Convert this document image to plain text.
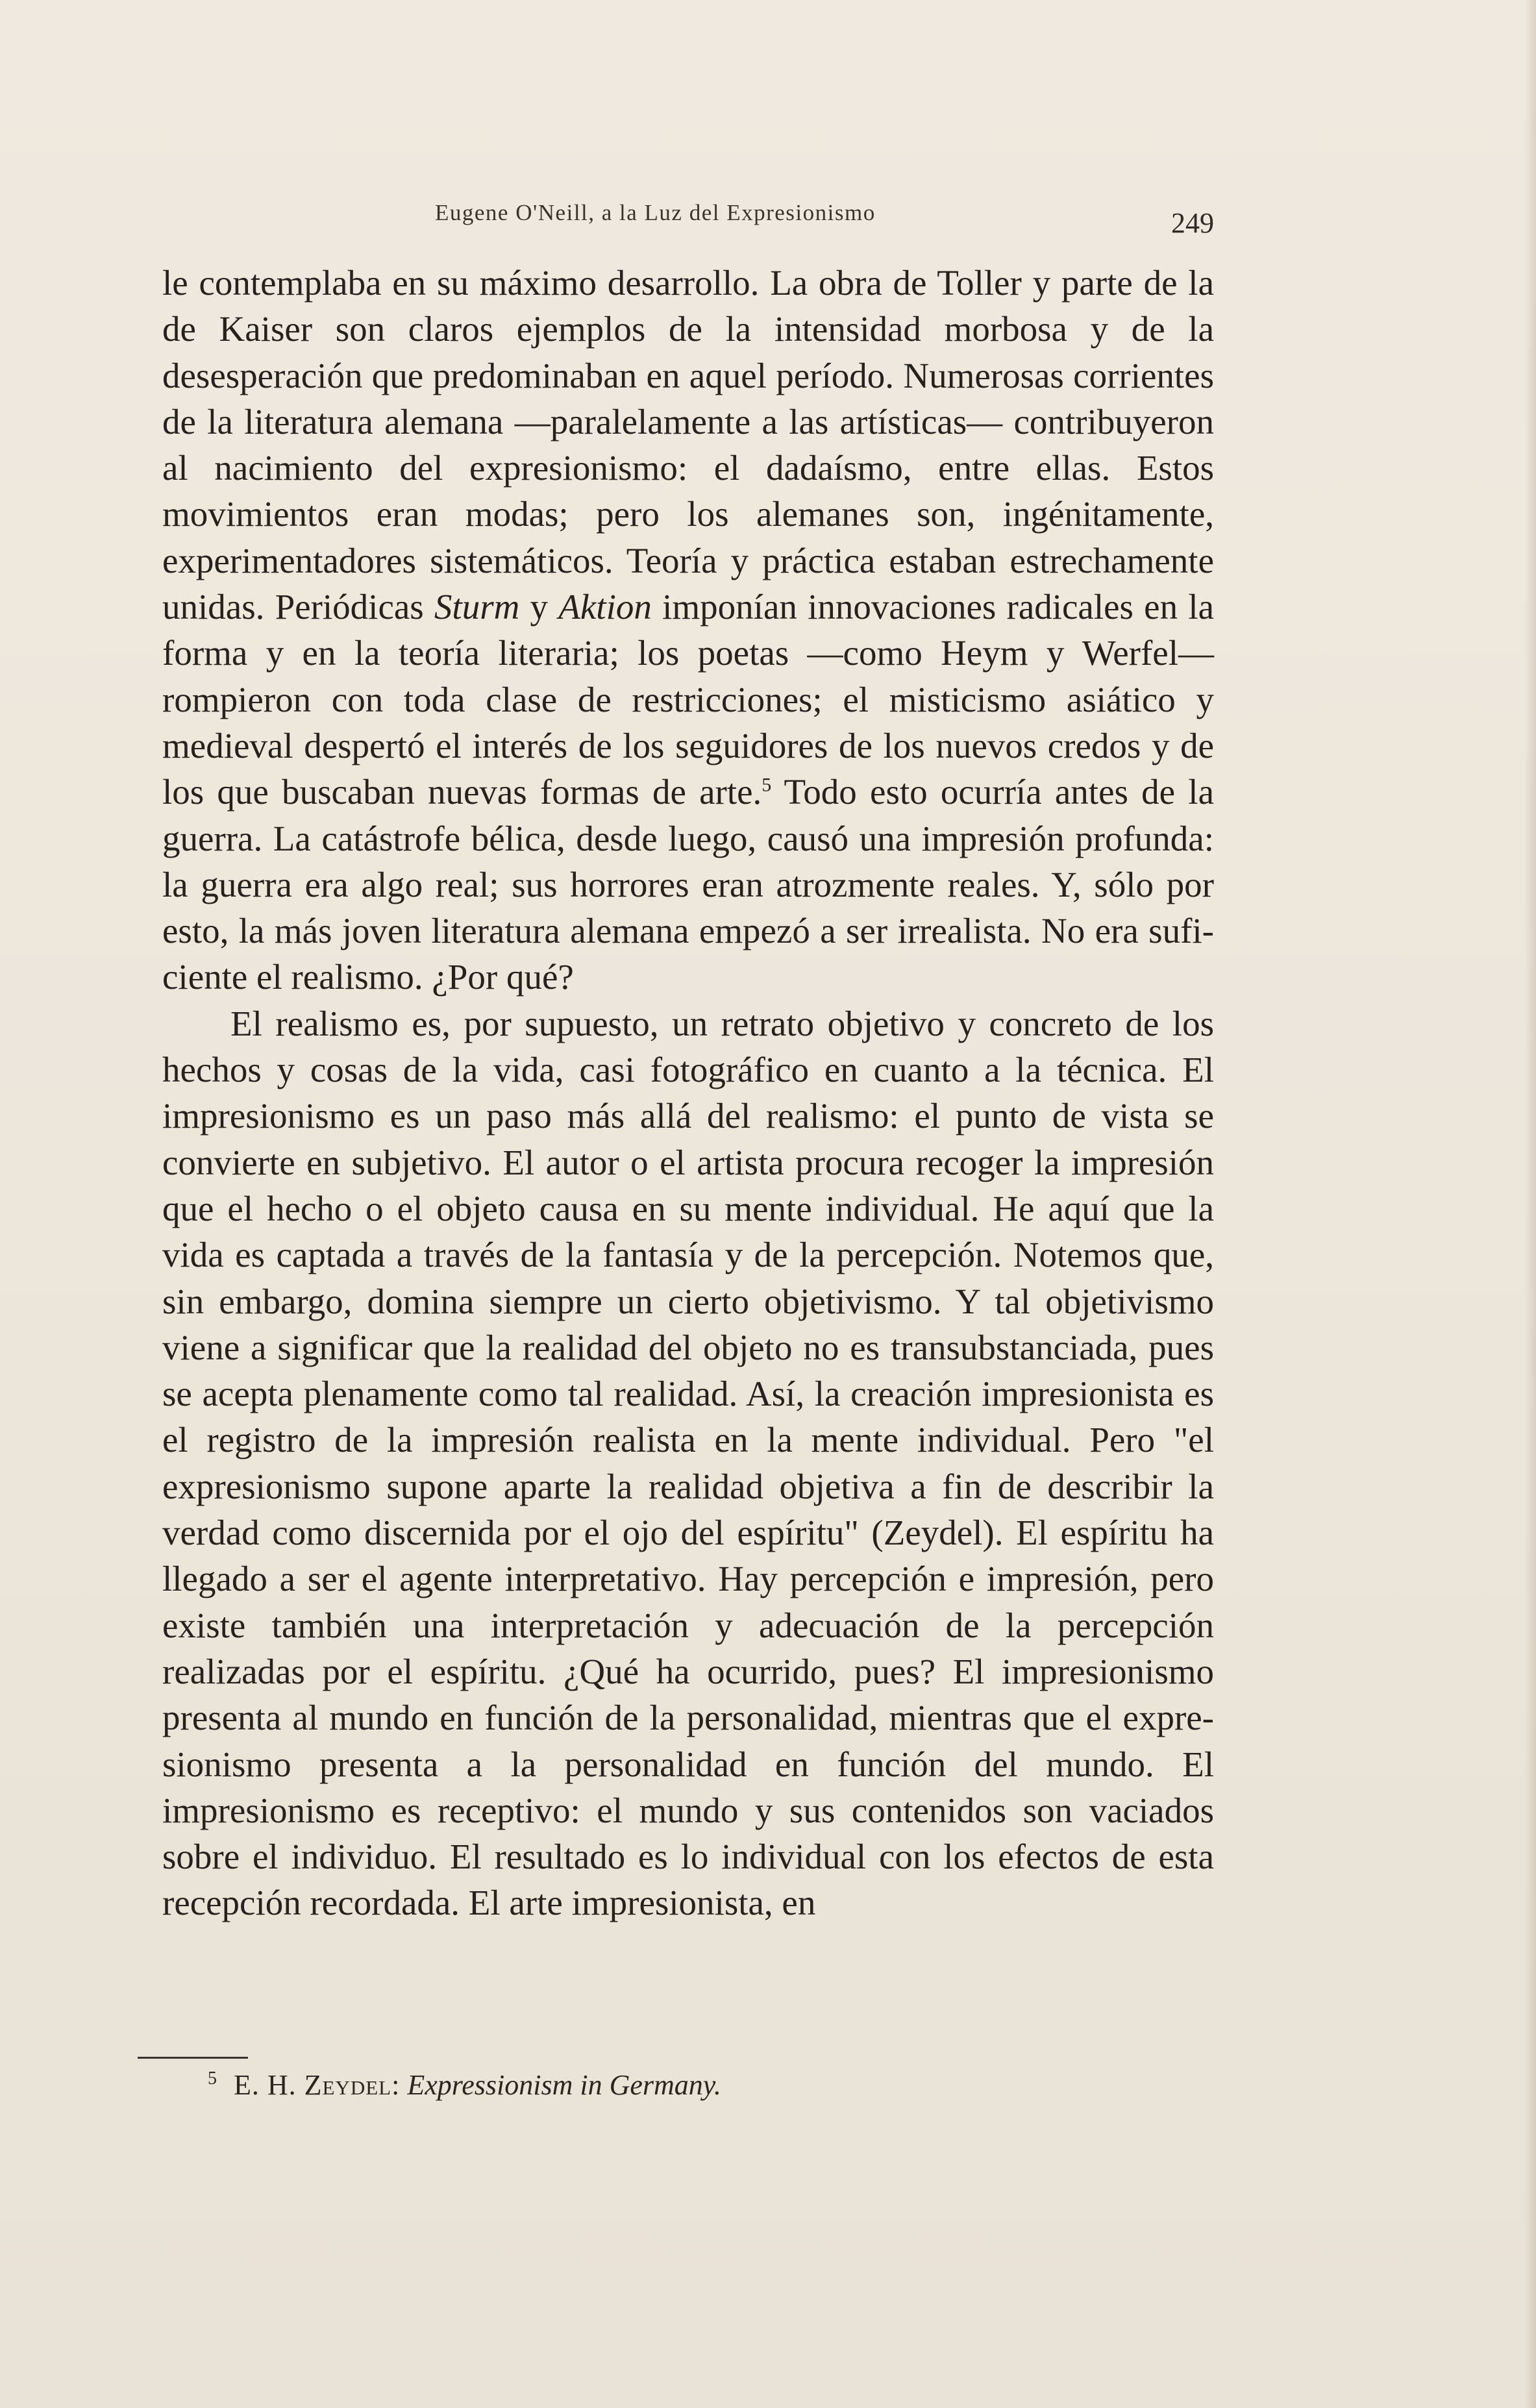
Eugene O'Neill, a la Luz del Expresionismo	249

le contemplaba en su máximo desarrollo. La obra de Toller y parte de la de Kaiser son claros ejemplos de la intensidad morbosa y de la desesperación que predominaban en aquel período. Numerosas corrientes de la literatura alemana —paralelamente a las artísticas— contribuyeron al nacimiento del expresionismo: el dadaísmo, entre ellas. Estos movimientos eran modas; pero los alemanes son, ingénitamente, experimentadores sistemáticos. Teoría y práctica estaban estrechamente unidas. Periódicas Sturm y Aktion imponían innovaciones radicales en la forma y en la teoría literaria; los poetas —como Heym y Werfel— rompieron con toda clase de restricciones; el misticismo asiático y medieval despertó el interés de los seguidores de los nuevos credos y de los que buscaban nuevas formas de arte.$^5$ Todo esto ocurría antes de la guerra. La catástrofe bélica, desde luego, causó una impresión profunda: la guerra era algo real; sus horrores eran atrozmente reales. Y, sólo por esto, la más joven literatura alemana empezó a ser irrealista. No era suficiente el realismo. ¿Por qué?

El realismo es, por supuesto, un retrato objetivo y concreto de los hechos y cosas de la vida, casi fotográfico en cuanto a la técnica. El impresionismo es un paso más allá del realismo: el punto de vista se convierte en subjetivo. El autor o el artista procura recoger la impresión que el hecho o el objeto causa en su mente individual. He aquí que la vida es captada a través de la fantasía y de la percepción. Notemos que, sin embargo, domina siempre un cierto objetivismo. Y tal objetivismo viene a significar que la realidad del objeto no es transubstanciada, pues se acepta plenamente como tal realidad. Así, la creación impresionista es el registro de la impresión realista en la mente individual. Pero "el expresionismo supone aparte la realidad objetiva a fin de describir la verdad como discernida por el ojo del espíritu" (Zeydel). El espíritu ha llegado a ser el agente interpretativo. Hay percepción e impresión, pero existe también una interpretación y adecuación de la percepción realizadas por el espíritu. ¿Qué ha ocurrido, pues? El impresionismo presenta al mundo en función de la personalidad, mientras que el expresionismo presenta a la personalidad en función del mundo. El impresionismo es receptivo: el mundo y sus contenidos son vaciados sobre el individuo. El resultado es lo individual con los efectos de esta recepción recordada. El arte impresionista, en

$^5$ E. H. Zeydel: Expressionism in Germany.
